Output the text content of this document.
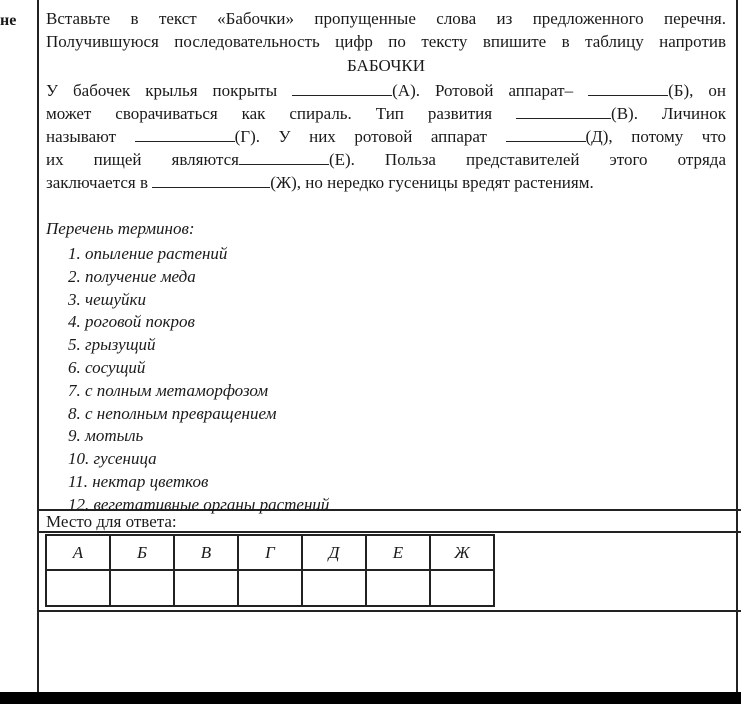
не Вставьте в текст «Бабочки» пропущенные слова из предложенного перечня.
Получившуюся последовательность цифр по тексту впишите в таблицу напротив
БАБОЧКИ
У бабочек крылья покрыты	(А). Ротовой аппарат–	(Б), он
может сворачиваться как спираль. Тип развития	(В). Личинок
называют	(Г). У них ротовой аппарат	(Д), потому что
их пищей являются	(Е). Польза представителей этого отряда
заключается в	(Ж), но нередко гусеницы вредят растениям.
Перечень терминов:
1. опыление растений
2. получение меда
3. чешуйки
4. роговой покров
5. грызущий
6. сосущий
7. с полным метаморфозом
8. с неполным превращением
9. мотыль
10. гусеница
11. нектар цветков
12. вегетативные органы растений
Место для ответа:
А	Б	В	Г	Д	Е	Ж
